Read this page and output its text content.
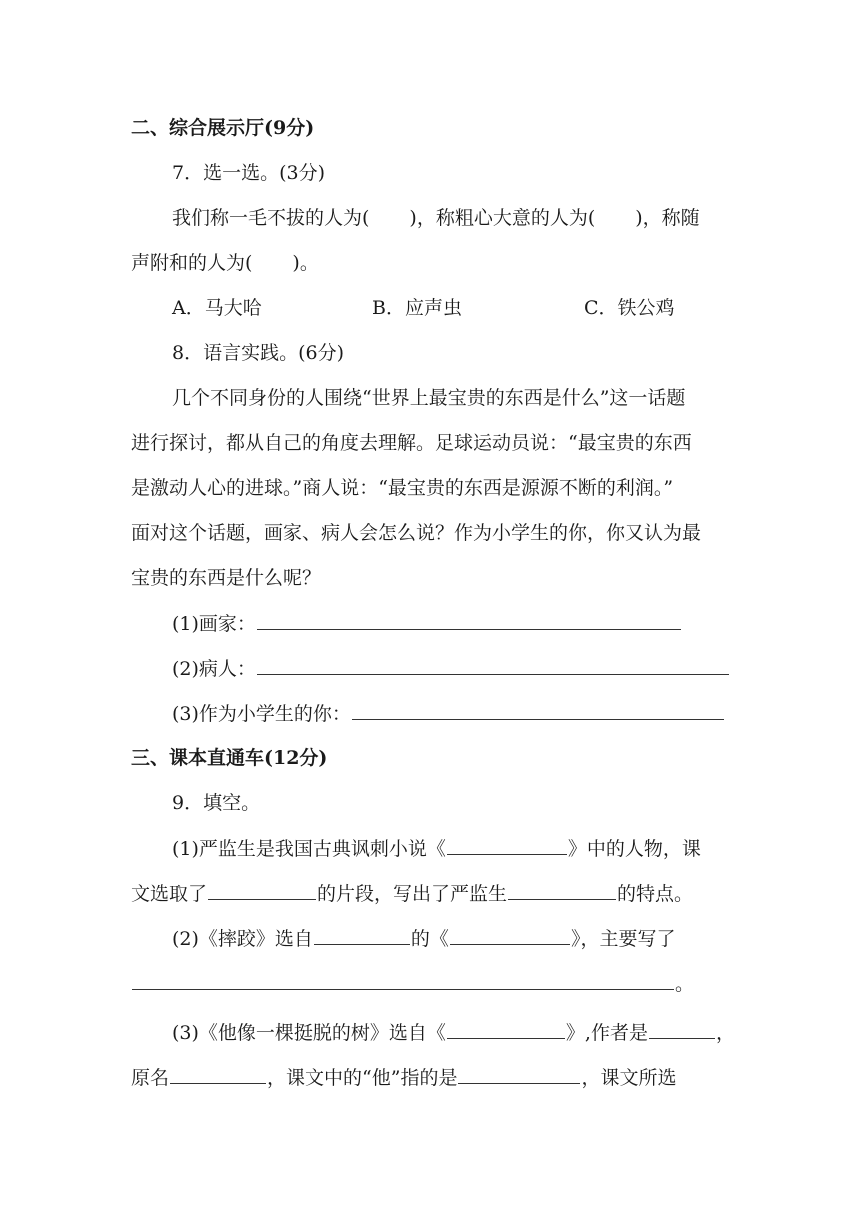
二、综合展示厅(9分)
7．选一选。(3分)
我们称一毛不拔的人为( )，称粗心大意的人为( )，称随
声附和的人为( )。
A．马大哈	B．应声虫	C．铁公鸡
8．语言实践。(6分)
几个不同身份的人围绕“世界上最宝贵的东西是什么”这一话题
进行探讨，都从自己的角度去理解。足球运动员说：“最宝贵的东西
是激动人心的进球。”商人说：“最宝贵的东西是源源不断的利润。”
面对这个话题，画家、病人会怎么说？作为小学生的你，你又认为最
宝贵的东西是什么呢？
(1)画家：
(2)病人：
(3)作为小学生的你：
三、课本直通车(12分)
9．填空。
(1)严监生是我国古典讽刺小说《	》中的人物，课
文选取了	的片段，写出了严监生	的特点。
(2)《摔跤》选自	的《	》，主要写了
。
(3)《他像一棵挺脱的树》选自《	》,作者是	，
原名	，课文中的“他”指的是	，课文所选
